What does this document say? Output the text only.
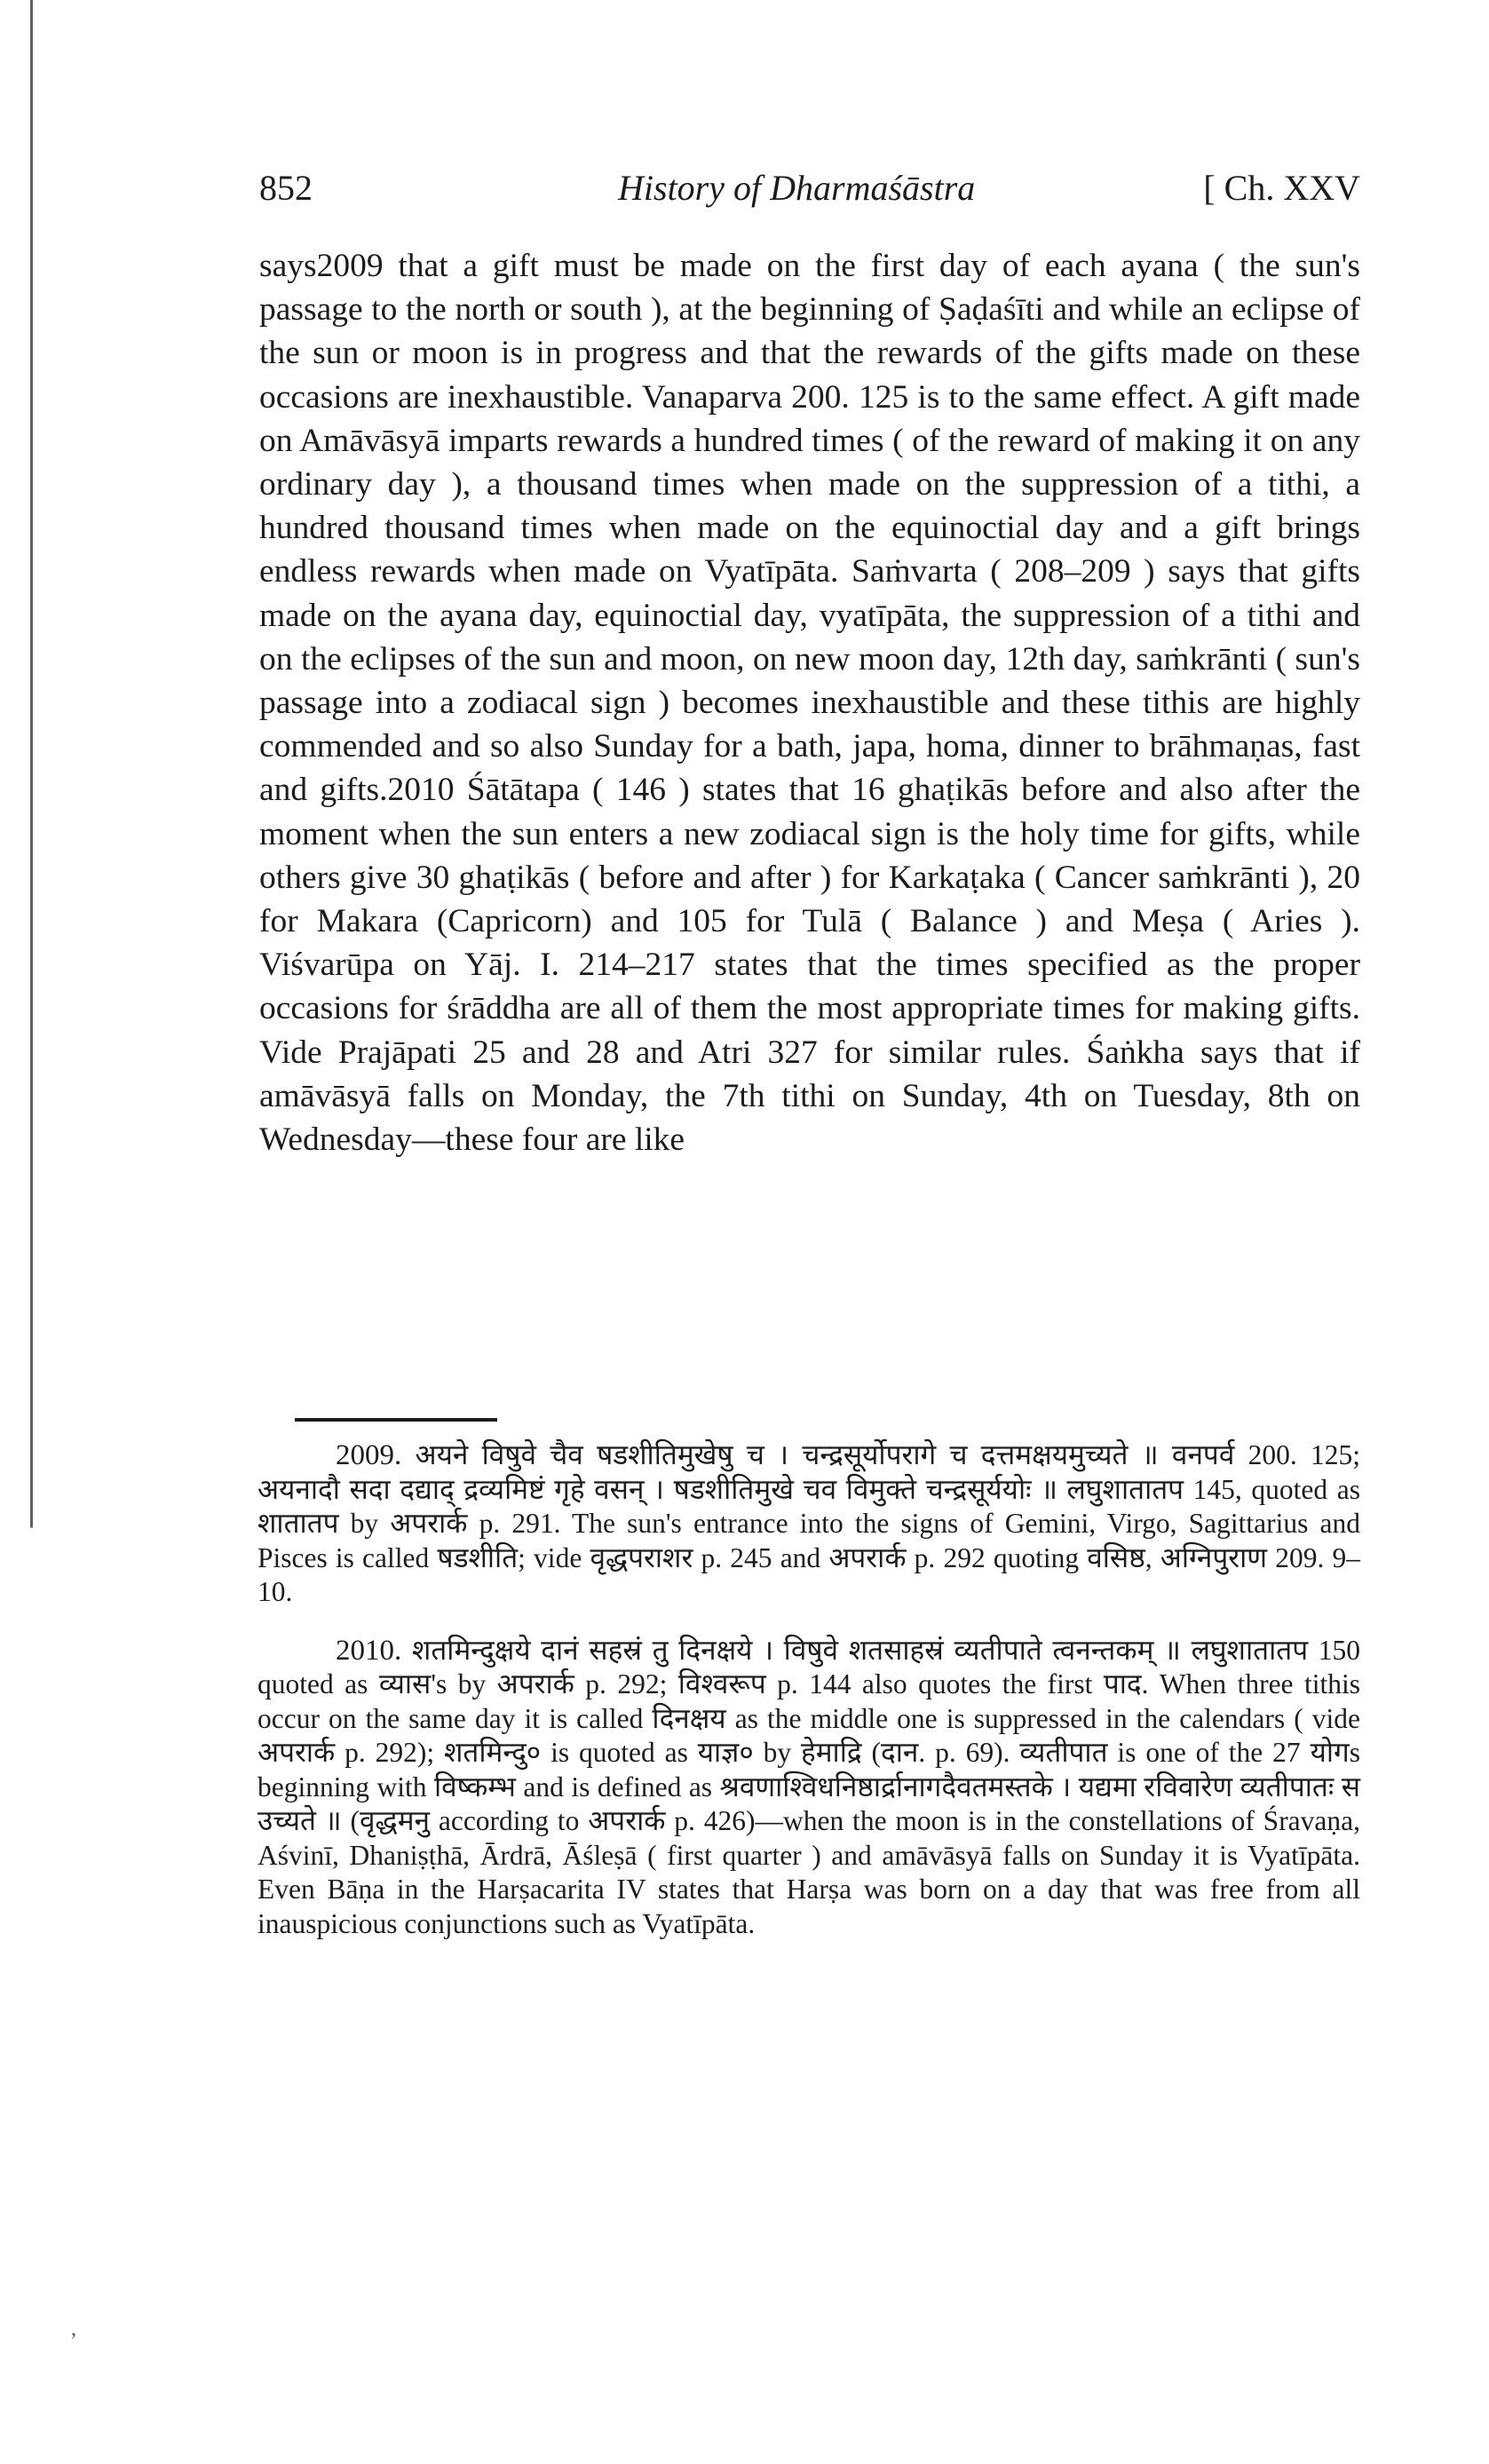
852	History of Dharmaśāstra	[ Ch. XXV

says2009 that a gift must be made on the first day of each ayana ( the sun's passage to the north or south ), at the beginning of Ṣaḍaśīti and while an eclipse of the sun or moon is in progress and that the rewards of the gifts made on these occasions are inexhaustible. Vanaparva 200. 125 is to the same effect. A gift made on Amāvāsyā imparts rewards a hundred times ( of the reward of making it on any ordinary day ), a thousand times when made on the suppression of a tithi, a hundred thousand times when made on the equinoctial day and a gift brings endless rewards when made on Vyatīpāta. Saṁvarta ( 208–209 ) says that gifts made on the ayana day, equinoctial day, vyatīpāta, the suppression of a tithi and on the eclipses of the sun and moon, on new moon day, 12th day, saṁkrānti ( sun's passage into a zodiacal sign ) becomes inexhaustible and these tithis are highly commended and so also Sunday for a bath, japa, homa, dinner to brāhmaṇas, fast and gifts.2010 Śātātapa ( 146 ) states that 16 ghaṭikās before and also after the moment when the sun enters a new zodiacal sign is the holy time for gifts, while others give 30 ghaṭikās ( before and after ) for Karkaṭaka ( Cancer saṁkrānti ), 20 for Makara (Capricorn) and 105 for Tulā ( Balance ) and Meṣa ( Aries ). Viśvarūpa on Yāj. I. 214–217 states that the times specified as the proper occasions for śrāddha are all of them the most appropriate times for making gifts. Vide Prajāpati 25 and 28 and Atri 327 for similar rules. Śaṅkha says that if amāvāsyā falls on Monday, the 7th tithi on Sunday, 4th on Tuesday, 8th on Wednesday—these four are like

2009. अयने विषुवे चैव षडशीतिमुखेषु च । चन्द्रसूर्योपरागे च दत्तमक्षयमुच्यते ॥ वनपर्व 200. 125; अयनादौ सदा दद्याद् द्रव्यमिष्टं गृहे वसन् । षडशीतिमुखे चव विमुक्ते चन्द्रसूर्ययोः ॥ लघुशातातप 145, quoted as शातातप by अपरार्क p. 291. The sun's entrance into the signs of Gemini, Virgo, Sagittarius and Pisces is called षडशीति; vide वृद्धपराशर p. 245 and अपरार्क p. 292 quoting वसिष्ठ, अग्निपुराण 209. 9–10.

2010. शतमिन्दुक्षये दानं सहस्रं तु दिनक्षये । विषुवे शतसाहस्रं व्यतीपाते त्वनन्तकम् ॥ लघुशातातप 150 quoted as व्यास's by अपरार्क p. 292; विश्वरूप p. 144 also quotes the first पाद. When three tithis occur on the same day it is called दिनक्षय as the middle one is suppressed in the calendars ( vide अपरार्क p. 292); शतमिन्दु० is quoted as याज्ञ० by हेमाद्रि (दान. p. 69). व्यतीपात is one of the 27 योगs beginning with विष्कम्भ and is defined as श्रवणाश्विधनिष्ठार्द्रानागदैवतमस्तके । यद्यमा रविवारेण व्यतीपातः स उच्यते ॥ (वृद्धमनु according to अपरार्क p. 426)—when the moon is in the constellations of Śravaṇa, Aśvinī, Dhaniṣṭhā, Ārdrā, Āśleṣā ( first quarter ) and amāvāsyā falls on Sunday it is Vyatīpāta. Even Bāṇa in the Harṣacarita IV states that Harṣa was born on a day that was free from all inauspicious conjunctions such as Vyatīpāta.

,
